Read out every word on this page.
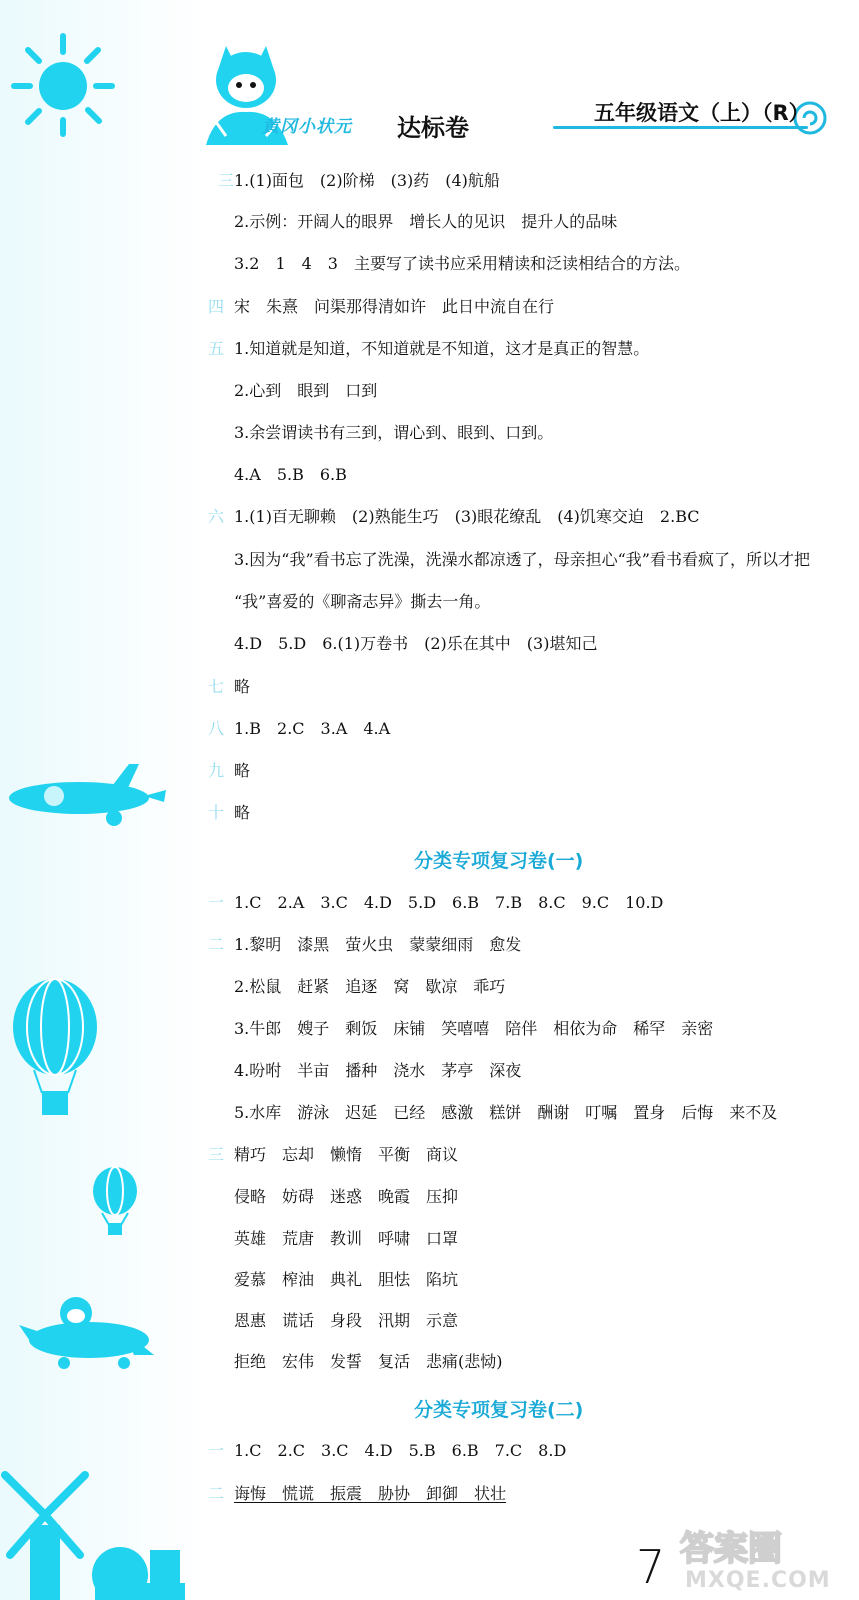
黄冈小状元 达标卷
五年级语文（上）（R）
三 1.(1)面包　(2)阶梯　(3)药　(4)航船
2.示例：开阔人的眼界　增长人的见识　提升人的品味
3.2　1　4　3　主要写了读书应采用精读和泛读相结合的方法。
四 宋　朱熹　问渠那得清如许　此日中流自在行
五 1.知道就是知道，不知道就是不知道，这才是真正的智慧。
2.心到　眼到　口到
3.余尝谓读书有三到，谓心到、眼到、口到。
4.A　5.B　6.B
六 1.(1)百无聊赖　(2)熟能生巧　(3)眼花缭乱　(4)饥寒交迫　2.BC
3.因为“我”看书忘了洗澡，洗澡水都凉透了，母亲担心“我”看书看疯了，所以才把
“我”喜爱的《聊斋志异》撕去一角。
4.D　5.D　6.(1)万卷书　(2)乐在其中　(3)堪知己
七 略
八 1.B　2.C　3.A　4.A
九 略
十 略
分类专项复习卷(一)
一 1.C　2.A　3.C　4.D　5.D　6.B　7.B　8.C　9.C　10.D
二 1.黎明　漆黑　萤火虫　蒙蒙细雨　愈发
2.松鼠　赶紧　追逐　窝　歇凉　乖巧
3.牛郎　嫂子　剩饭　床铺　笑嘻嘻　陪伴　相依为命　稀罕　亲密
4.吩咐　半亩　播种　浇水　茅亭　深夜
5.水库　游泳　迟延　已经　感激　糕饼　酬谢　叮嘱　置身　后悔　来不及
三 精巧　忘却　懒惰　平衡　商议
侵略　妨碍　迷惑　晚霞　压抑
英雄　荒唐　教训　呼啸　口罩
爱慕　榨油　典礼　胆怯　陷坑
恩惠　谎话　身段　汛期　示意
拒绝　宏伟　发誓　复活　悲痛(悲恸)
分类专项复习卷(二)
一 1.C　2.C　3.C　4.D　5.B　6.B　7.C　8.D
二 诲悔　慌谎　振震　胁协　卸御　状壮
7 答案圈
MXQE.COM
